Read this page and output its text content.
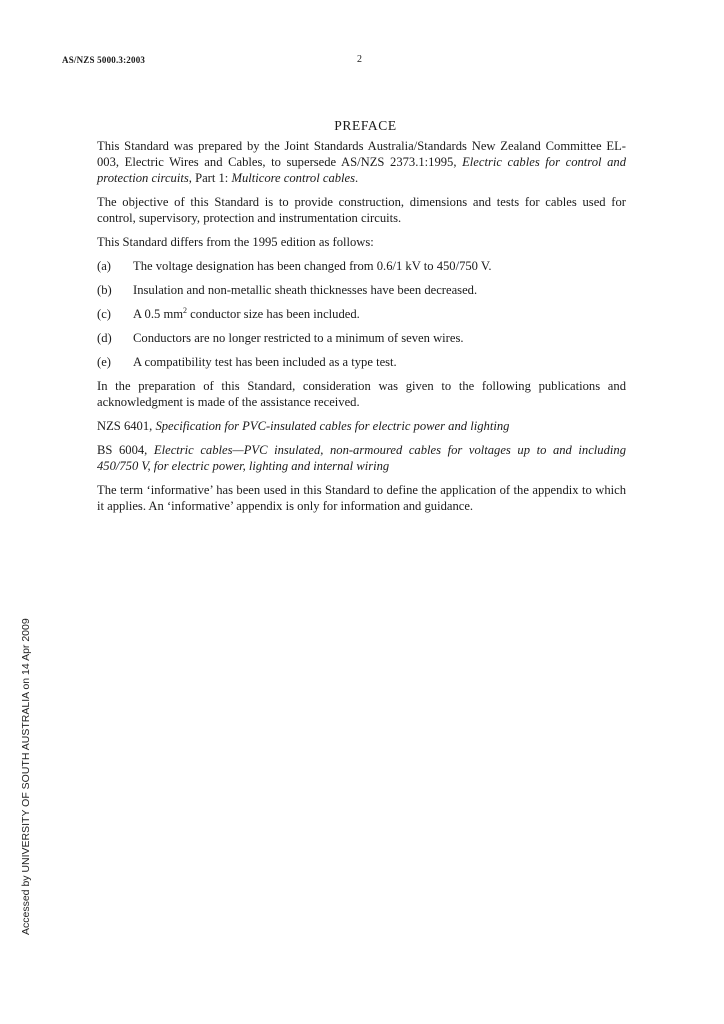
AS/NZS 5000.3:2003	2
PREFACE

This Standard was prepared by the Joint Standards Australia/Standards New Zealand Committee EL-003, Electric Wires and Cables, to supersede AS/NZS 2373.1:1995, Electric cables for control and protection circuits, Part 1: Multicore control cables.

The objective of this Standard is to provide construction, dimensions and tests for cables used for control, supervisory, protection and instrumentation circuits.

This Standard differs from the 1995 edition as follows:

(a)	The voltage designation has been changed from 0.6/1 kV to 450/750 V.
(b)	Insulation and non-metallic sheath thicknesses have been decreased.
(c)	A 0.5 $mm^2$ conductor size has been included.
(d)	Conductors are no longer restricted to a minimum of seven wires.
(e)	A compatibility test has been included as a type test.

In the preparation of this Standard, consideration was given to the following publications and acknowledgment is made of the assistance received.

NZS 6401, Specification for PVC-insulated cables for electric power and lighting
BS 6004, Electric cables—PVC insulated, non-armoured cables for voltages up to and including 450/750 V, for electric power, lighting and internal wiring

The term ‘informative’ has been used in this Standard to define the application of the appendix to which it applies. An ‘informative’ appendix is only for information and guidance.

Accessed by UNIVERSITY OF SOUTH AUSTRALIA on 14 Apr 2009
